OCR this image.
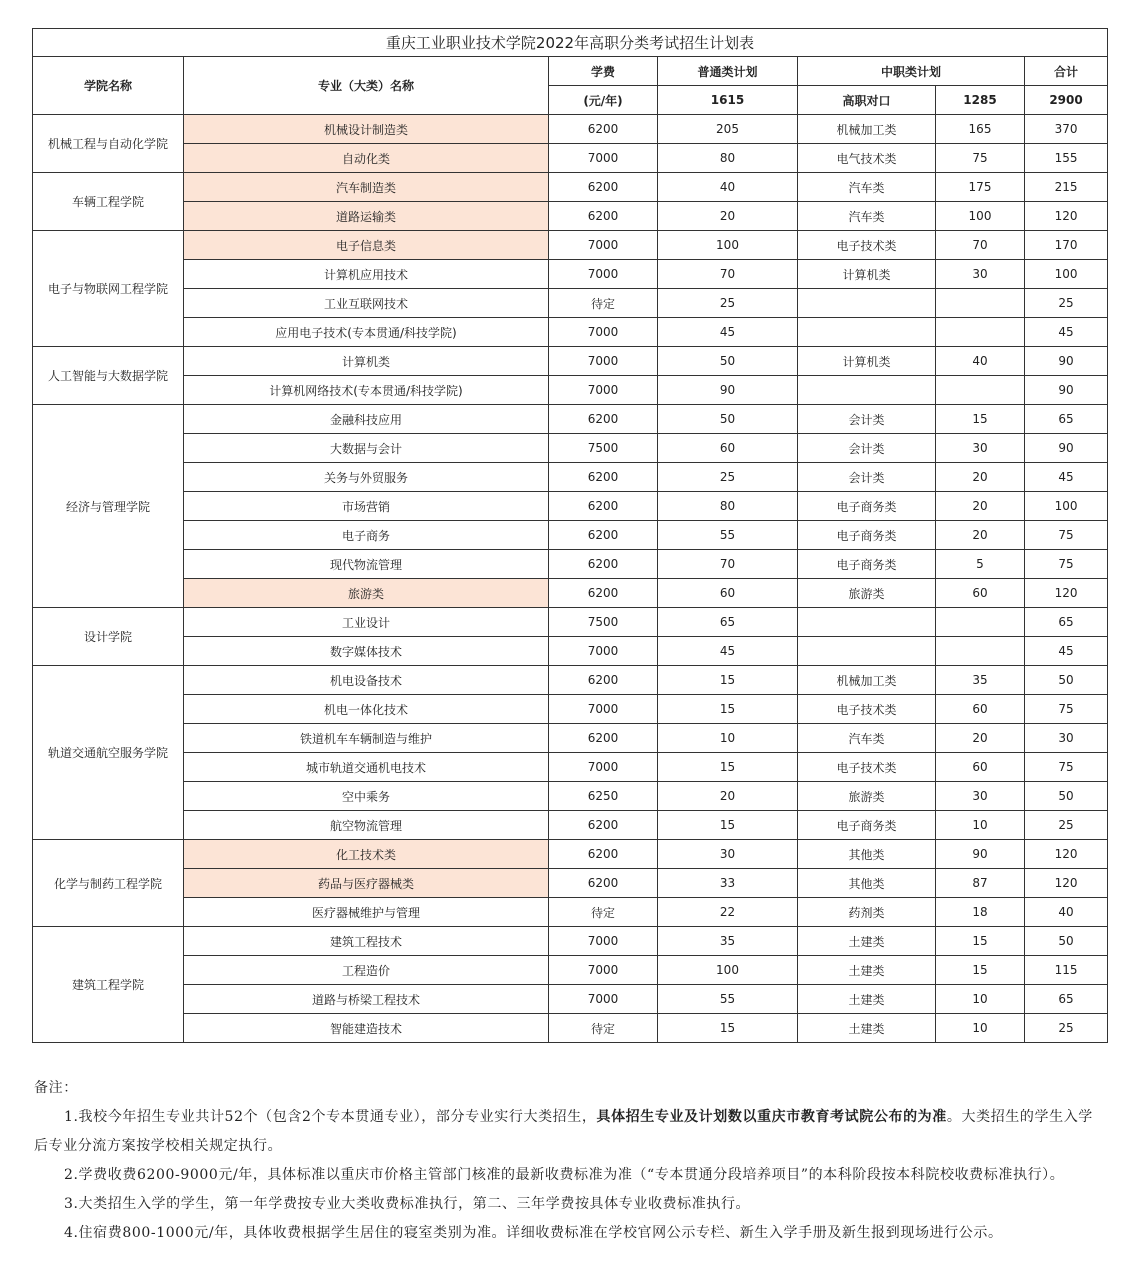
重庆工业职业技术学院2022年高职分类考试招生计划表						
学院名称	专业（大类）名称	学费	普通类计划	中职类计划		合计
		(元/年)	1615	高职对口	1285	2900
机械工程与自动化学院	机械设计制造类	6200	205	机械加工类	165	370
	自动化类	7000	80	电气技术类	75	155
车辆工程学院	汽车制造类	6200	40	汽车类	175	215
	道路运输类	6200	20	汽车类	100	120
电子与物联网工程学院	电子信息类	7000	100	电子技术类	70	170
	计算机应用技术	7000	70	计算机类	30	100
	工业互联网技术	待定	25			25
	应用电子技术(专本贯通/科技学院)	7000	45			45
人工智能与大数据学院	计算机类	7000	50	计算机类	40	90
	计算机网络技术(专本贯通/科技学院)	7000	90			90
经济与管理学院	金融科技应用	6200	50	会计类	15	65
	大数据与会计	7500	60	会计类	30	90
	关务与外贸服务	6200	25	会计类	20	45
	市场营销	6200	80	电子商务类	20	100
	电子商务	6200	55	电子商务类	20	75
	现代物流管理	6200	70	电子商务类	5	75
	旅游类	6200	60	旅游类	60	120
设计学院	工业设计	7500	65			65
	数字媒体技术	7000	45			45
轨道交通航空服务学院	机电设备技术	6200	15	机械加工类	35	50
	机电一体化技术	7000	15	电子技术类	60	75
	铁道机车车辆制造与维护	6200	10	汽车类	20	30
	城市轨道交通机电技术	7000	15	电子技术类	60	75
	空中乘务	6250	20	旅游类	30	50
	航空物流管理	6200	15	电子商务类	10	25
化学与制药工程学院	化工技术类	6200	30	其他类	90	120
	药品与医疗器械类	6200	33	其他类	87	120
	医疗器械维护与管理	待定	22	药剂类	18	40
建筑工程学院	建筑工程技术	7000	35	土建类	15	50
	工程造价	7000	100	土建类	15	115
	道路与桥梁工程技术	7000	55	土建类	10	65
	智能建造技术	待定	15	土建类	10	25

备注：

1.我校今年招生专业共计52个（包含2个专本贯通专业），部分专业实行大类招生，具体招生专业及计划数以重庆市教育考试院公布的为准。大类招生的学生入学后专业分流方案按学校相关规定执行。

2.学费收费6200-9000元/年，具体标准以重庆市价格主管部门核准的最新收费标准为准（“专本贯通分段培养项目”的本科阶段按本科院校收费标准执行）。

3.大类招生入学的学生，第一年学费按专业大类收费标准执行，第二、三年学费按具体专业收费标准执行。

4.住宿费800-1000元/年，具体收费根据学生居住的寝室类别为准。详细收费标准在学校官网公示专栏、新生入学手册及新生报到现场进行公示。
